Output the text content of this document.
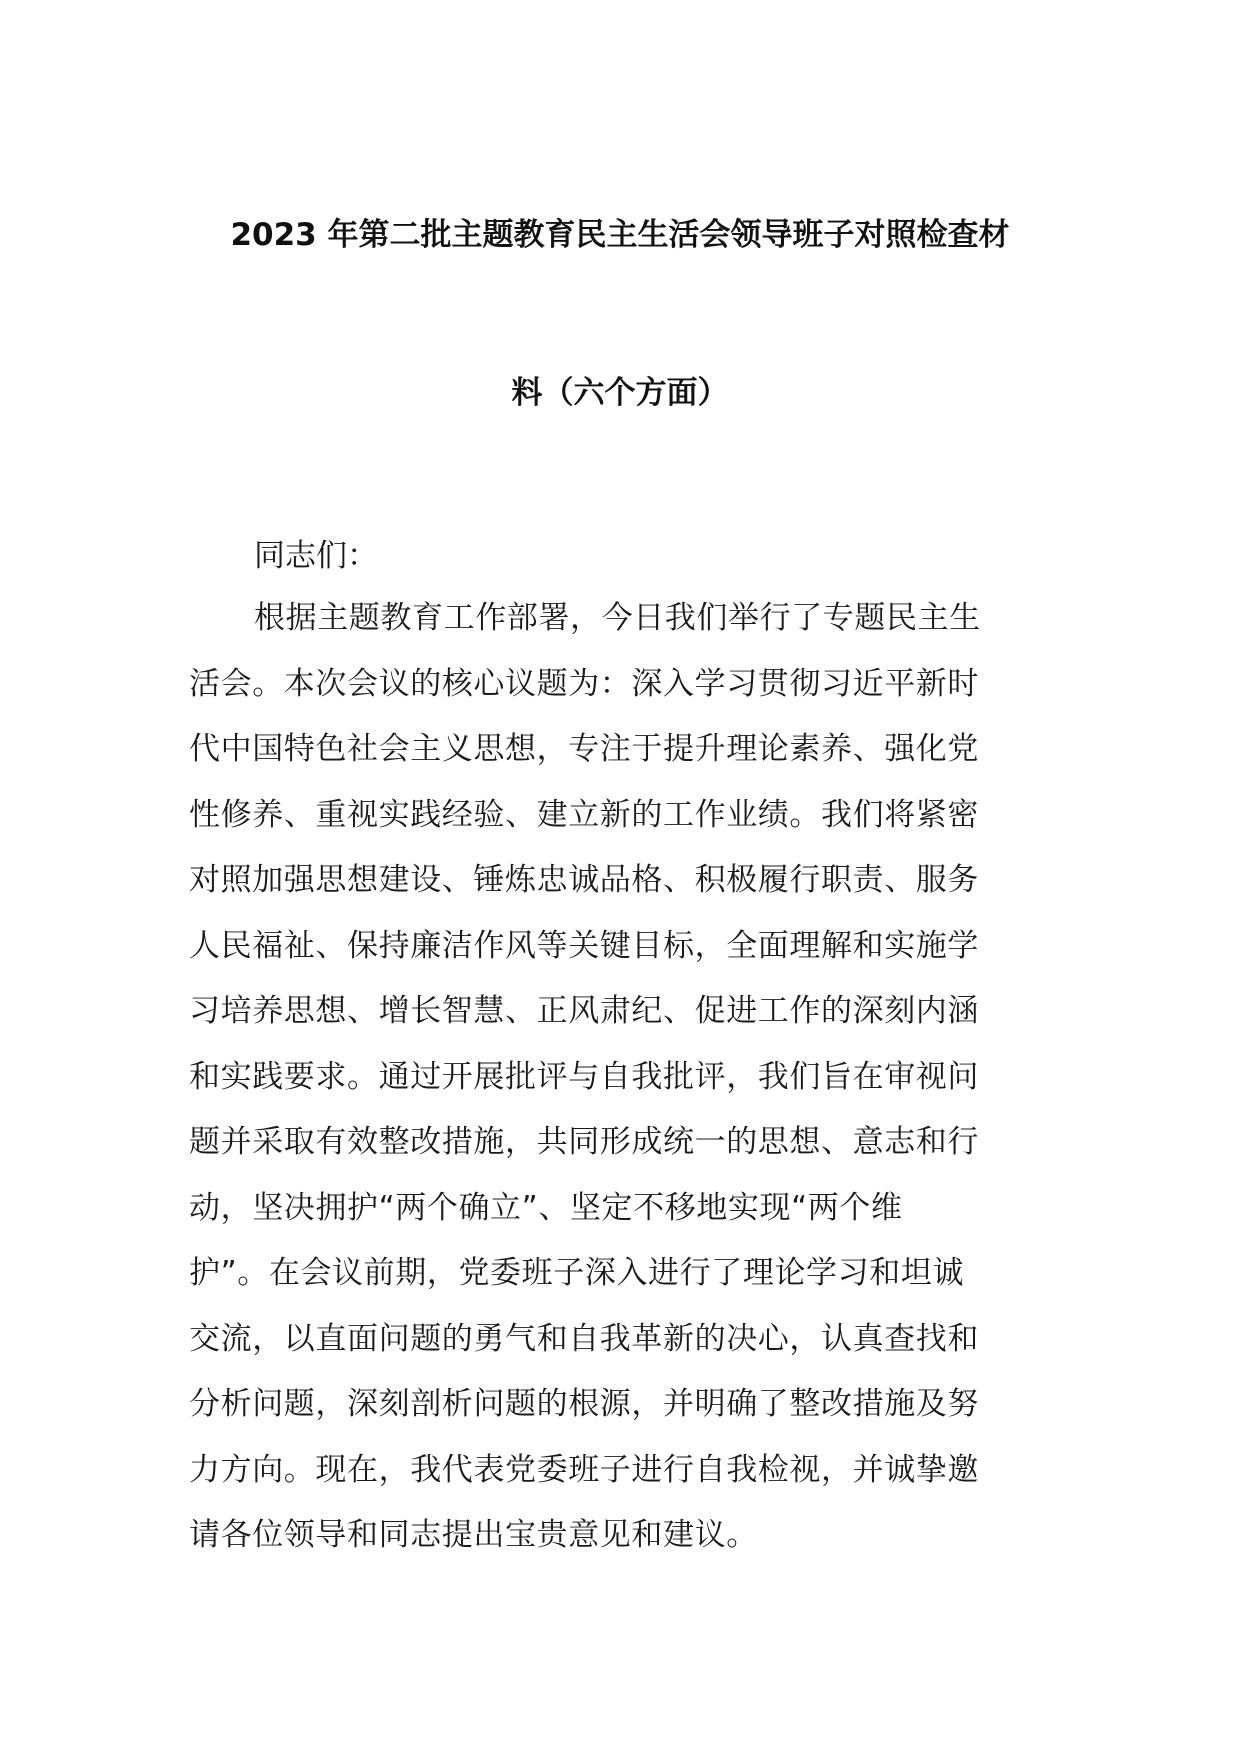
2023 年第二批主题教育民主生活会领导班子对照检查材
料（六个方面）
同志们：
根据主题教育工作部署，今日我们举行了专题民主生
活会。本次会议的核心议题为：深入学习贯彻习近平新时
代中国特色社会主义思想，专注于提升理论素养、强化党
性修养、重视实践经验、建立新的工作业绩。我们将紧密
对照加强思想建设、锤炼忠诚品格、积极履行职责、服务
人民福祉、保持廉洁作风等关键目标，全面理解和实施学
习培养思想、增长智慧、正风肃纪、促进工作的深刻内涵
和实践要求。通过开展批评与自我批评，我们旨在审视问
题并采取有效整改措施，共同形成统一的思想、意志和行
动，坚决拥护“两个确立”、坚定不移地实现“两个维
护”。在会议前期，党委班子深入进行了理论学习和坦诚
交流，以直面问题的勇气和自我革新的决心，认真查找和
分析问题，深刻剖析问题的根源，并明确了整改措施及努
力方向。现在，我代表党委班子进行自我检视，并诚挚邀
请各位领导和同志提出宝贵意见和建议。
